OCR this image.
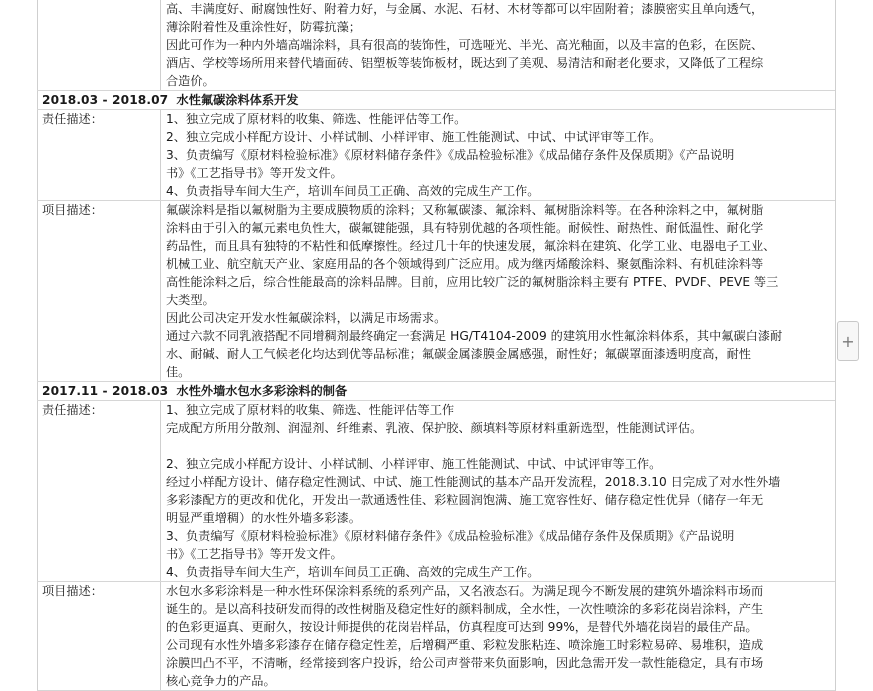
高、丰满度好、耐腐蚀性好、附着力好，与金属、水泥、石材、木材等都可以牢固附着；漆膜密实且单向透气，

薄涂附着性及重涂性好，防霉抗藻；

因此可作为一种内外墙高端涂料，具有很高的装饰性，可选哑光、半光、高光釉面，以及丰富的色彩，在医院、

酒店、学校等场所用来替代墙面砖、铝塑板等装饰板材，既达到了美观、易清洁和耐老化要求，又降低了工程综

合造价。

2018.03 - 2018.07 水性氟碳涂料体系开发
责任描述：	1、独立完成了原材料的收集、筛选、性能评估等工作。

2、独立完成小样配方设计、小样试制、小样评审、施工性能测试、中试、中试评审等工作。

3、负责编写《原材料检验标准》《原材料储存条件》《成品检验标准》《成品储存条件及保质期》《产品说明

书》《工艺指导书》等开发文件。

4、负责指导车间大生产，培训车间员工正确、高效的完成生产工作。

项目描述：	氟碳涂料是指以氟树脂为主要成膜物质的涂料；又称氟碳漆、氟涂料、氟树脂涂料等。在各种涂料之中，氟树脂

涂料由于引入的氟元素电负性大，碳氟键能强，具有特别优越的各项性能。耐候性、耐热性、耐低温性、耐化学

药品性，而且具有独特的不粘性和低摩擦性。经过几十年的快速发展，氟涂料在建筑、化学工业、电器电子工业、

机械工业、航空航天产业、家庭用品的各个领域得到广泛应用。成为继丙烯酸涂料、聚氨酯涂料、有机硅涂料等

高性能涂料之后，综合性能最高的涂料品牌。目前，应用比较广泛的氟树脂涂料主要有 PTFE、PVDF、PEVE 等三

大类型。

因此公司决定开发水性氟碳涂料，以满足市场需求。

通过六款不同乳液搭配不同增稠剂最终确定一套满足 HG/T4104-2009 的建筑用水性氟涂料体系，其中氟碳白漆耐

水、耐碱、耐人工气候老化均达到优等品标准；氟碳金属漆膜金属感强，耐性好；氟碳罩面漆透明度高，耐性

佳。

2017.11 - 2018.03 水性外墙水包水多彩涂料的制备
责任描述：	1、独立完成了原材料的收集、筛选、性能评估等工作

完成配方所用分散剂、润湿剂、纤维素、乳液、保护胶、颜填料等原材料重新选型，性能测试评估。

2、独立完成小样配方设计、小样试制、小样评审、施工性能测试、中试、中试评审等工作。

经过小样配方设计、储存稳定性测试、中试、施工性能测试的基本产品开发流程，2018.3.10 日完成了对水性外墙

多彩漆配方的更改和优化，开发出一款通透性佳、彩粒圆润饱满、施工宽容性好、储存稳定性优异（储存一年无

明显严重增稠）的水性外墙多彩漆。

3、负责编写《原材料检验标准》《原材料储存条件》《成品检验标准》《成品储存条件及保质期》《产品说明

书》《工艺指导书》等开发文件。

4、负责指导车间大生产，培训车间员工正确、高效的完成生产工作。

项目描述：	水包水多彩涂料是一种水性环保涂料系统的系列产品，又名液态石。为满足现今不断发展的建筑外墙涂料市场而

诞生的。是以高科技研发而得的改性树脂及稳定性好的颜料制成，全水性，一次性喷涂的多彩花岗岩涂料，产生

的色彩更逼真、更耐久，按设计师提供的花岗岩样品，仿真程度可达到 99%，是替代外墙花岗岩的最佳产品。

公司现有水性外墙多彩漆存在储存稳定性差，后增稠严重、彩粒发胀粘连、喷涂施工时彩粒易碎、易堆积，造成

涂膜凹凸不平，不清晰，经常接到客户投诉，给公司声誉带来负面影响，因此急需开发一款性能稳定，具有市场

核心竞争力的产品。

+
